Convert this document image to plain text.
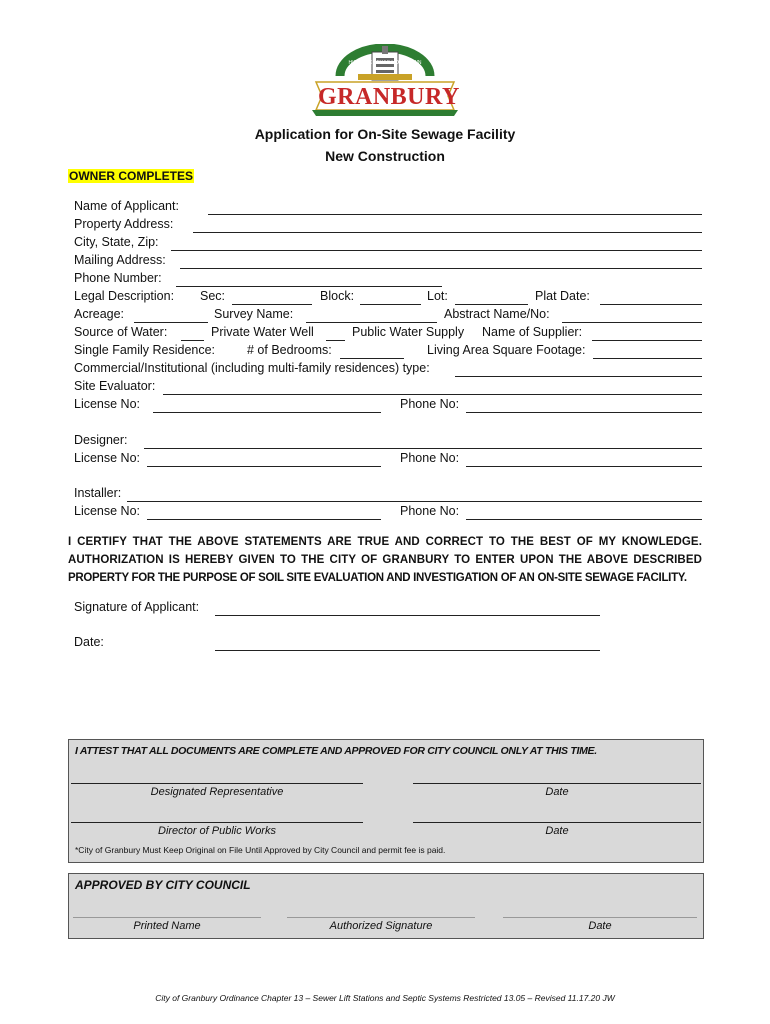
GRANBURY
HISTORIC TEXAS HOMETOWN
Application for On-Site Sewage Facility
New Construction
OWNER COMPLETES
Name of Applicant:
Property Address:
City, State, Zip:
Mailing Address:
Phone Number:
Legal Description: Sec:	Block:	Lot:	Plat Date:
Acreage:	Survey Name:	Abstract Name/No:
Source of Water:	Private Water Well	Public Water Supply Name of Supplier:
Single Family Residence:	# of Bedrooms:	Living Area Square Footage:
Commercial/Institutional (including multi-family residences) type:
Site Evaluator:
License No:	Phone No:
Designer:
License No:	Phone No:
Installer:
License No:	Phone No:
I CERTIFY THAT THE ABOVE STATEMENTS ARE TRUE AND CORRECT TO THE BEST OF MY KNOWLEDGE.
AUTHORIZATION IS HEREBY GIVEN TO THE CITY OF GRANBURY TO ENTER UPON THE ABOVE DESCRIBED
PROPERTY FOR THE PURPOSE OF SOIL SITE EVALUATION AND INVESTIGATION OF AN ON-SITE SEWAGE FACILITY.
Signature of Applicant:
Date:
I ATTEST THAT ALL DOCUMENTS ARE COMPLETE AND APPROVED FOR CITY COUNCIL ONLY AT THIS TIME.
Designated Representative	Date
Director of Public Works	Date
*City of Granbury Must Keep Original on File Until Approved by City Council and permit fee is paid.
APPROVED BY CITY COUNCIL
Printed Name	Authorized Signature	Date
City of Granbury Ordinance Chapter 13 – Sewer Lift Stations and Septic Systems Restricted 13.05 – Revised 11.17.20 JW
